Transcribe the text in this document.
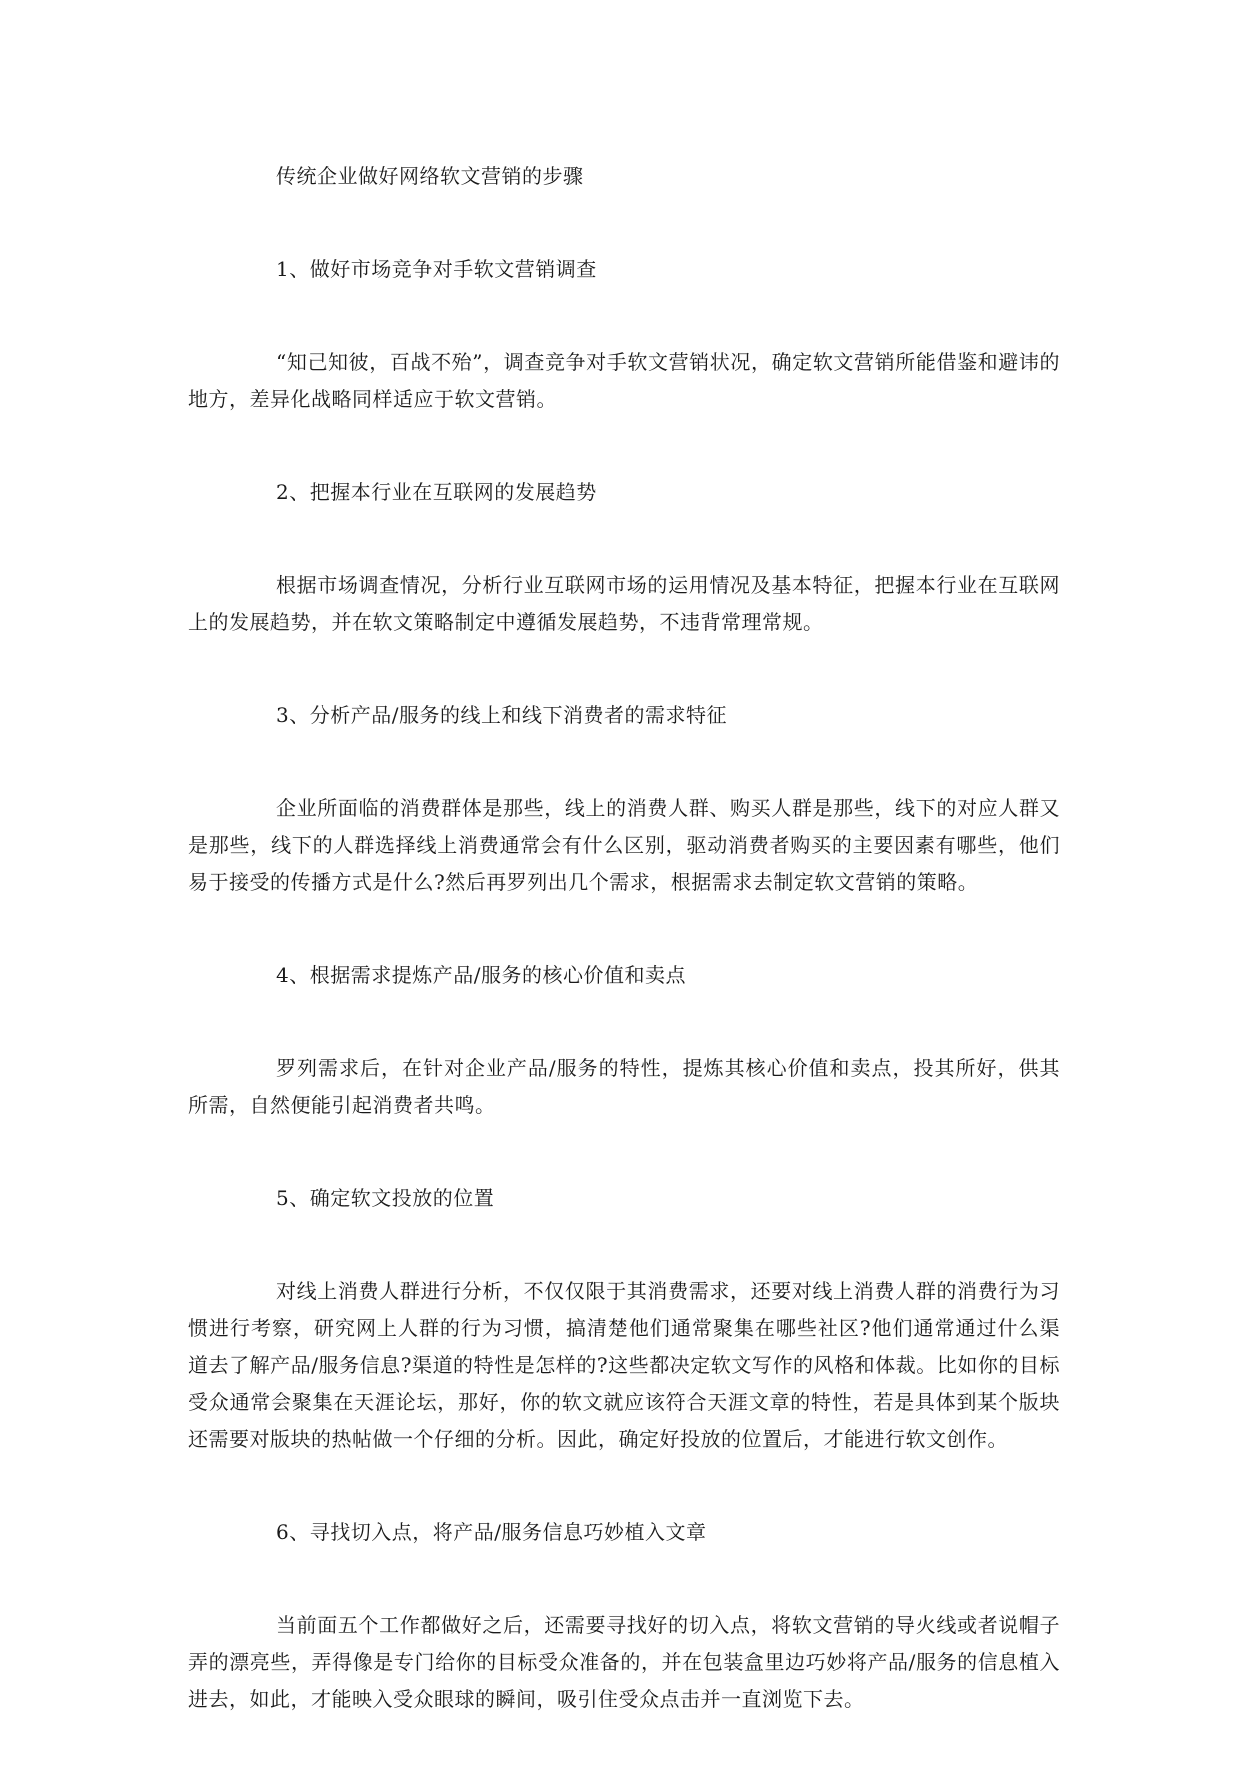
传统企业做好网络软文营销的步骤

1、做好市场竞争对手软文营销调查

“知己知彼，百战不殆”，调查竞争对手软文营销状况，确定软文营销所能借鉴和避讳的地方，差异化战略同样适应于软文营销。

2、把握本行业在互联网的发展趋势

根据市场调查情况，分析行业互联网市场的运用情况及基本特征，把握本行业在互联网上的发展趋势，并在软文策略制定中遵循发展趋势，不违背常理常规。

3、分析产品/服务的线上和线下消费者的需求特征

企业所面临的消费群体是那些，线上的消费人群、购买人群是那些，线下的对应人群又是那些，线下的人群选择线上消费通常会有什么区别，驱动消费者购买的主要因素有哪些，他们易于接受的传播方式是什么?然后再罗列出几个需求，根据需求去制定软文营销的策略。

4、根据需求提炼产品/服务的核心价值和卖点

罗列需求后，在针对企业产品/服务的特性，提炼其核心价值和卖点，投其所好，供其所需，自然便能引起消费者共鸣。

5、确定软文投放的位置

对线上消费人群进行分析，不仅仅限于其消费需求，还要对线上消费人群的消费行为习惯进行考察，研究网上人群的行为习惯，搞清楚他们通常聚集在哪些社区?他们通常通过什么渠道去了解产品/服务信息?渠道的特性是怎样的?这些都决定软文写作的风格和体裁。比如你的目标受众通常会聚集在天涯论坛，那好，你的软文就应该符合天涯文章的特性，若是具体到某个版块还需要对版块的热帖做一个仔细的分析。因此，确定好投放的位置后，才能进行软文创作。

6、寻找切入点，将产品/服务信息巧妙植入文章

当前面五个工作都做好之后，还需要寻找好的切入点，将软文营销的导火线或者说帽子弄的漂亮些，弄得像是专门给你的目标受众准备的，并在包装盒里边巧妙将产品/服务的信息植入进去，如此，才能映入受众眼球的瞬间，吸引住受众点击并一直浏览下去。
